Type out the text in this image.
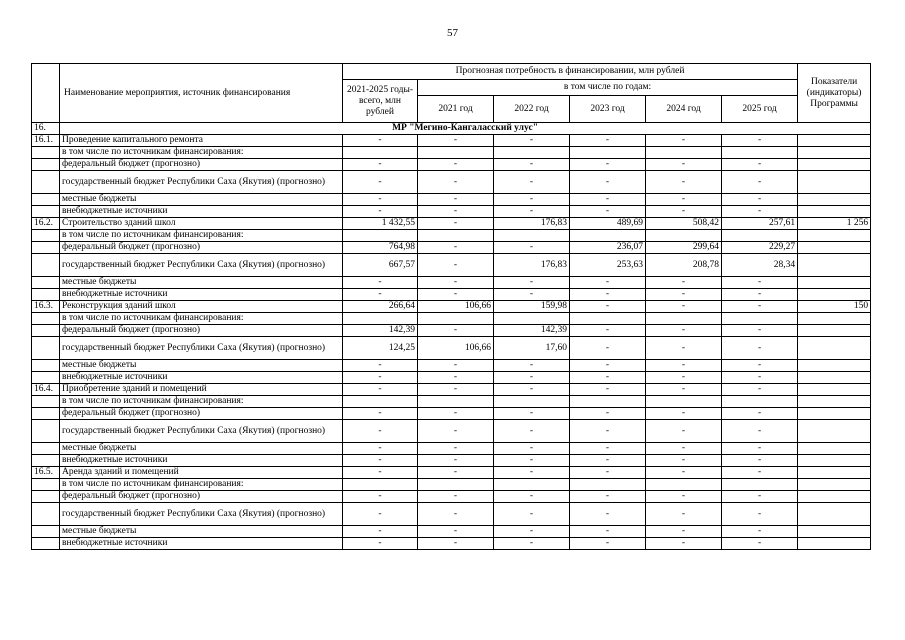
57
	Наименование мероприятия, источник финансирования	Прогнозная потребность в финансировании, млн рублей						Показатели (индикаторы) Программы
		2021-2025 годы- всего, млн рублей	в том числе по годам:					
			2021 год	2022 год	2023 год	2024 год	2025 год	
16.	МР "Мегино-Кангаласский улус"							
16.1.	Проведение капитального ремонта	-	-	-	-	-	-	
	в том числе по источникам финансирования:							
	федеральный бюджет (прогнозно)	-	-	-	-	-	-	
	государственный бюджет Республики Саха (Якутия) (прогнозно)	-	-	-	-	-	-	
	местные бюджеты	-	-	-	-	-	-	
	внебюджетные источники	-	-	-	-	-	-	
16.2.	Строительство зданий школ	1 432,55	-	176,83	489,69	508,42	257,61	1 256
	в том числе по источникам финансирования:							
	федеральный бюджет (прогнозно)	764,98	-	-	236,07	299,64	229,27	
	государственный бюджет Республики Саха (Якутия) (прогнозно)	667,57	-	176,83	253,63	208,78	28,34	
	местные бюджеты	-	-	-	-	-	-	
	внебюджетные источники	-	-	-	-	-	-	
16.3.	Реконструкция зданий школ	266,64	106,66	159,98	-	-	-	150
	в том числе по источникам финансирования:							
	федеральный бюджет (прогнозно)	142,39	-	142,39	-	-	-	
	государственный бюджет Республики Саха (Якутия) (прогнозно)	124,25	106,66	17,60	-	-	-	
	местные бюджеты	-	-	-	-	-	-	
	внебюджетные источники	-	-	-	-	-	-	
16.4.	Приобретение зданий и помещений	-	-	-	-	-	-	
	в том числе по источникам финансирования:							
	федеральный бюджет (прогнозно)	-	-	-	-	-	-	
	государственный бюджет Республики Саха (Якутия) (прогнозно)	-	-	-	-	-	-	
	местные бюджеты	-	-	-	-	-	-	
	внебюджетные источники	-	-	-	-	-	-	
16.5.	Аренда зданий и помещений	-	-	-	-	-	-	
	в том числе по источникам финансирования:							
	федеральный бюджет (прогнозно)	-	-	-	-	-	-	
	государственный бюджет Республики Саха (Якутия) (прогнозно)	-	-	-	-	-	-	
	местные бюджеты	-	-	-	-	-	-	
	внебюджетные источники	-	-	-	-	-	-	
